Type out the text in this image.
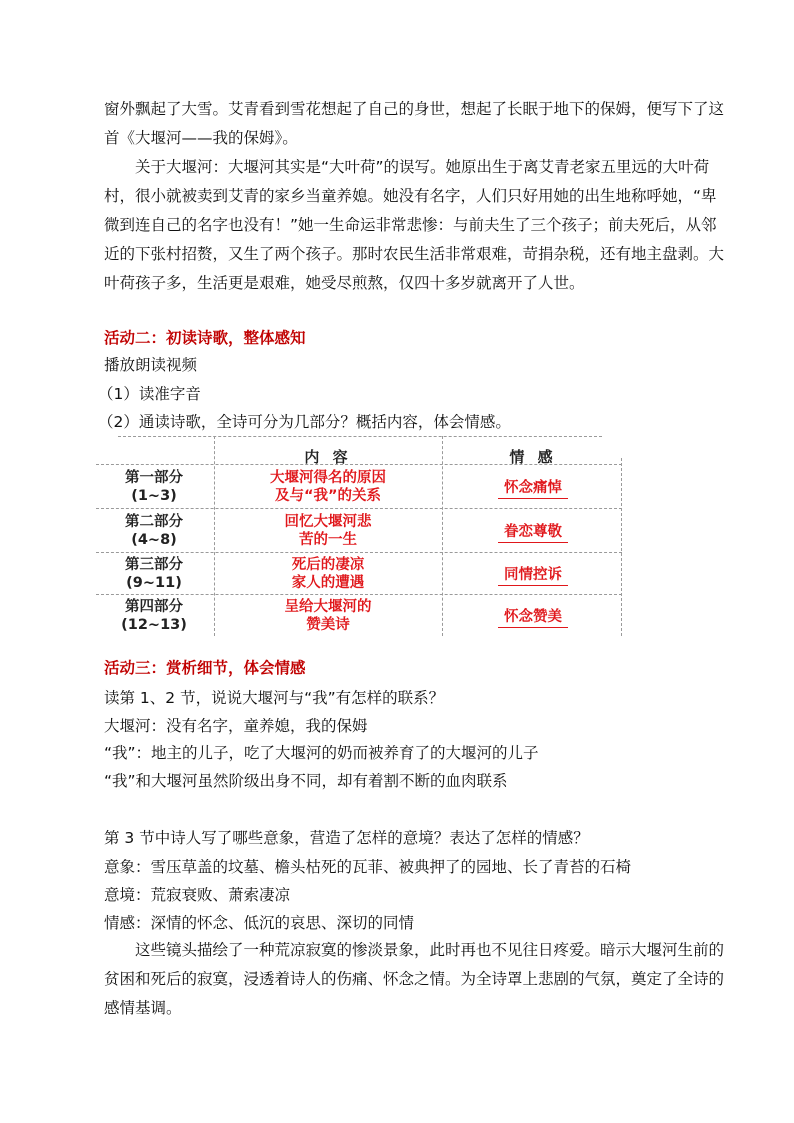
窗外飘起了大雪。艾青看到雪花想起了自己的身世，想起了长眠于地下的保姆，便写下了这首《大堰河——我的保姆》。
关于大堰河：大堰河其实是“大叶荷”的误写。她原出生于离艾青老家五里远的大叶荷村，很小就被卖到艾青的家乡当童养媳。她没有名字，人们只好用她的出生地称呼她，“卑微到连自己的名字也没有！”她一生命运非常悲惨：与前夫生了三个孩子；前夫死后，从邻近的下张村招赘，又生了两个孩子。那时农民生活非常艰难，苛捐杂税，还有地主盘剥。大叶荷孩子多，生活更是艰难，她受尽煎熬，仅四十多岁就离开了人世。
活动二：初读诗歌，整体感知
播放朗读视频
（1）读准字音
（2）通读诗歌，全诗可分为几部分？概括内容，体会情感。
内 容	情 感
第一部分
(1~3)
大堰河得名的原因
及与“我”的关系
怀念痛悼
第二部分
(4~8)
回忆大堰河悲
苦的一生
眷恋尊敬
第三部分
(9~11)
死后的凄凉
家人的遭遇
同情控诉
第四部分
(12~13)
呈给大堰河的
赞美诗
怀念赞美
活动三：赏析细节，体会情感
读第 1、2 节，说说大堰河与“我”有怎样的联系？
大堰河：没有名字，童养媳，我的保姆
“我”：地主的儿子，吃了大堰河的奶而被养育了的大堰河的儿子
“我”和大堰河虽然阶级出身不同，却有着割不断的血肉联系
第 3 节中诗人写了哪些意象，营造了怎样的意境？表达了怎样的情感？
意象：雪压草盖的坟墓、檐头枯死的瓦菲、被典押了的园地、长了青苔的石椅
意境：荒寂衰败、萧索凄凉
情感：深情的怀念、低沉的哀思、深切的同情
这些镜头描绘了一种荒凉寂寞的惨淡景象，此时再也不见往日疼爱。暗示大堰河生前的贫困和死后的寂寞，浸透着诗人的伤痛、怀念之情。为全诗罩上悲剧的气氛，奠定了全诗的感情基调。
